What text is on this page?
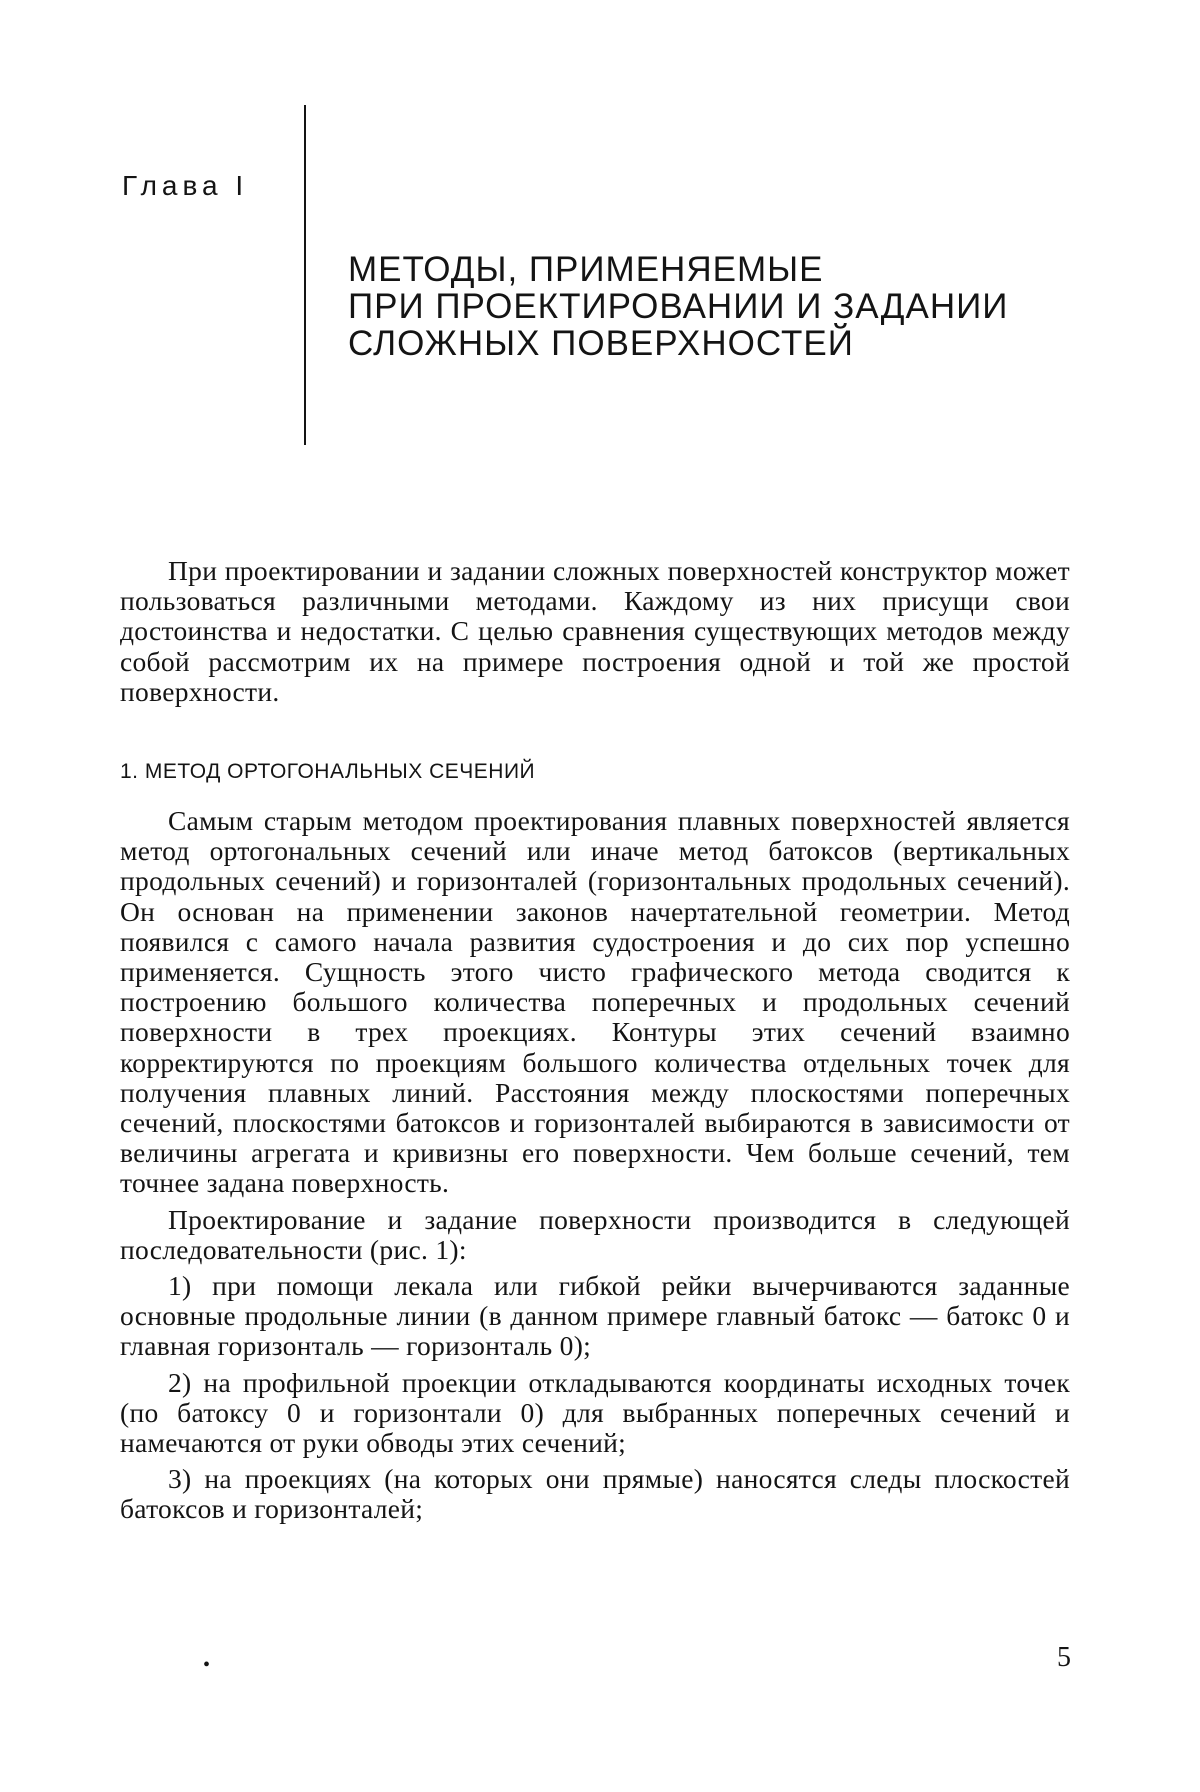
Глава I
МЕТОДЫ, ПРИМЕНЯЕМЫЕ
ПРИ ПРОЕКТИРОВАНИИ И ЗАДАНИИ
СЛОЖНЫХ ПОВЕРХНОСТЕЙ

При проектировании и задании сложных поверхностей конструктор может пользоваться различными методами. Каждому из них присущи свои достоинства и недостатки. С целью сравнения существующих методов между собой рассмотрим их на примере построения одной и той же простой поверхности.

1. МЕТОД ОРТОГОНАЛЬНЫХ СЕЧЕНИЙ

Самым старым методом проектирования плавных поверхностей является метод ортогональных сечений или иначе метод батоксов (вертикальных продольных сечений) и горизонталей (горизонтальных продольных сечений). Он основан на применении законов начертательной геометрии. Метод появился с самого начала развития судостроения и до сих пор успешно применяется. Сущность этого чисто графического метода сводится к построению большого количества поперечных и продольных сечений поверхности в трех проекциях. Контуры этих сечений взаимно корректируются по проекциям большого количества отдельных точек для получения плавных линий. Расстояния между плоскостями поперечных сечений, плоскостями батоксов и горизонталей выбираются в зависимости от величины агрегата и кривизны его поверхности. Чем больше сечений, тем точнее задана поверхность.

Проектирование и задание поверхности производится в следующей последовательности (рис. 1):

1) при помощи лекала или гибкой рейки вычерчиваются заданные основные продольные линии (в данном примере главный батокс — батокс 0 и главная горизонталь — горизонталь 0);

2) на профильной проекции откладываются координаты исходных точек (по батоксу 0 и горизонтали 0) для выбранных поперечных сечений и намечаются от руки обводы этих сечений;

3) на проекциях (на которых они прямые) наносятся следы плоскостей батоксов и горизонталей;

•	5
